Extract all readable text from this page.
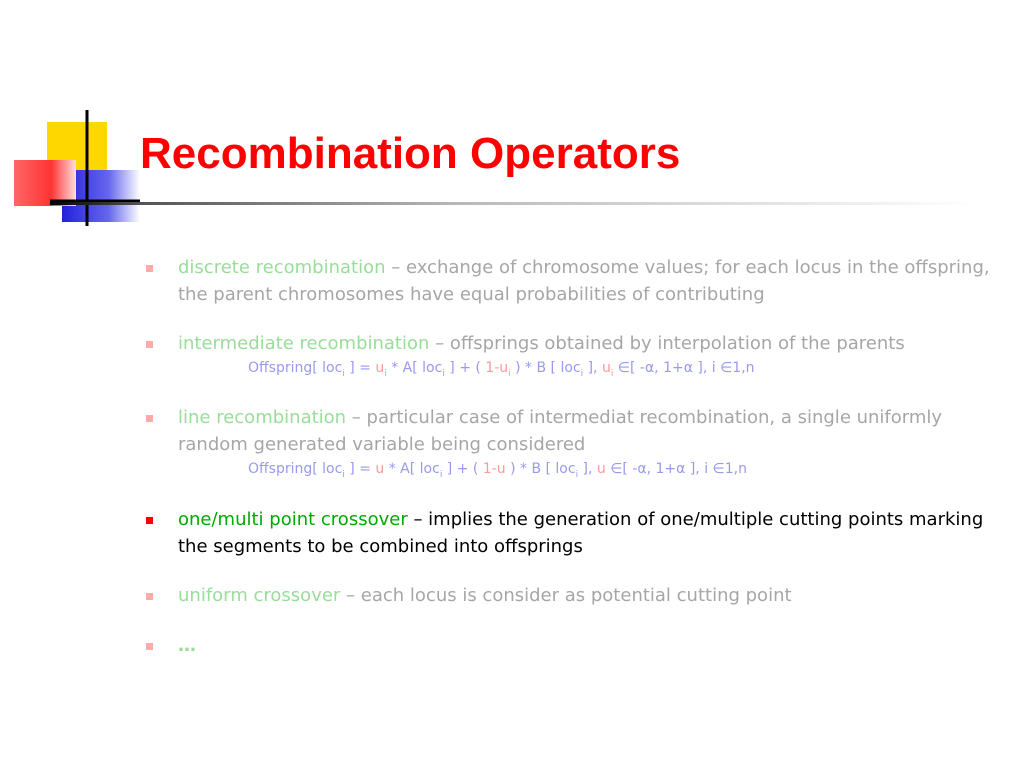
Recombination Operators
discrete recombination – exchange of chromosome values; for each locus in the offspring, the parent chromosomes have equal probabilities of contributing
intermediate recombination – offsprings obtained by interpolation of the parents
Offspring[ loc$_i$ ] = $u_i * A$[ loc$_i$ ] + ( $1-u_i$ ) * B [ loc$_i$ ], $u_i$ ∈[ -α, 1+α ], i ∈1,n
line recombination – particular case of intermediat recombination, a single uniformly random generated variable being considered
Offspring[ loc$_i$ ] = u * A[ loc$_i$ ] + ( 1-u ) * B [ loc$_i$ ], u ∈[ -α, 1+α ], i ∈1,n
one/multi point crossover – implies the generation of one/multiple cutting points marking the segments to be combined into offsprings
uniform crossover – each locus is consider as potential cutting point
…
